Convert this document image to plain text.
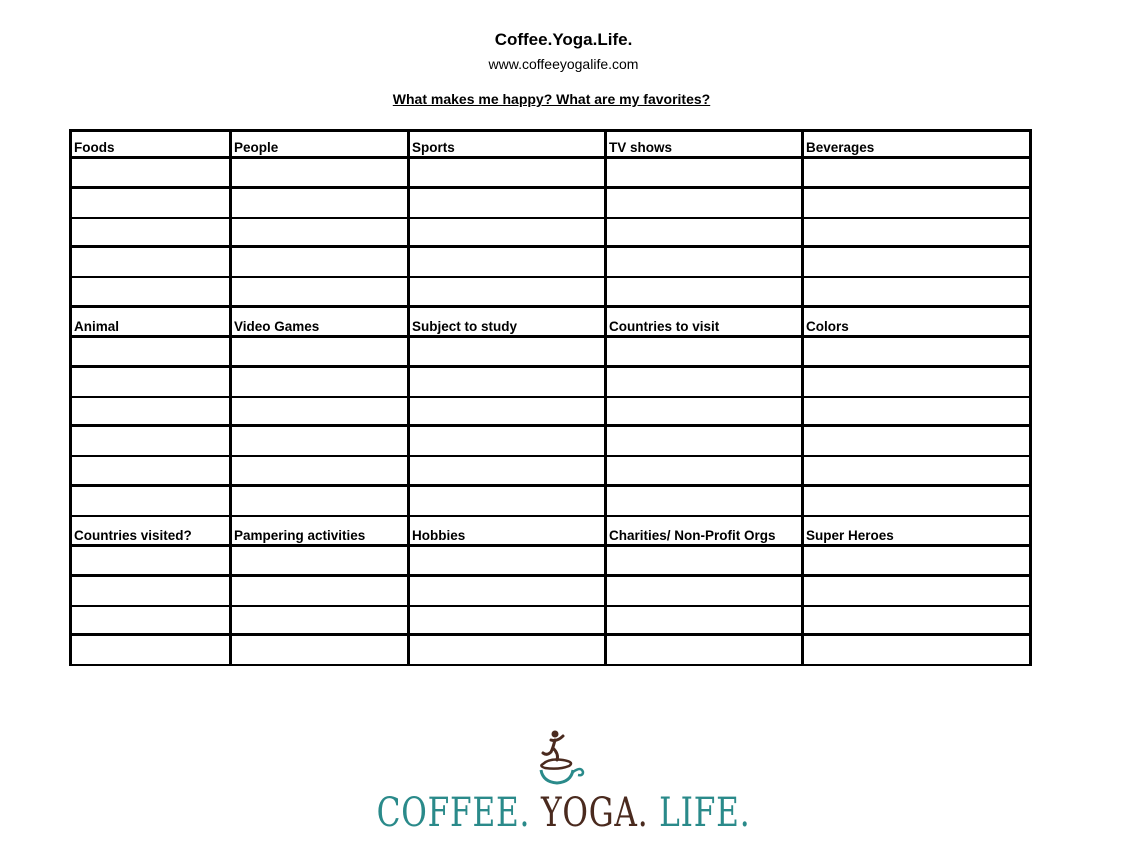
Coffee.Yoga.Life.
www.coffeeyogalife.com
What makes me happy? What are my favorites?
Foods	People	Sports	TV shows	Beverages
Animal	Video Games	Subject to study	Countries to visit	Colors
Countries visited?	Pampering activities	Hobbies	Charities/ Non-Profit Orgs	Super Heroes
COFFEE. YOGA. LIFE.
